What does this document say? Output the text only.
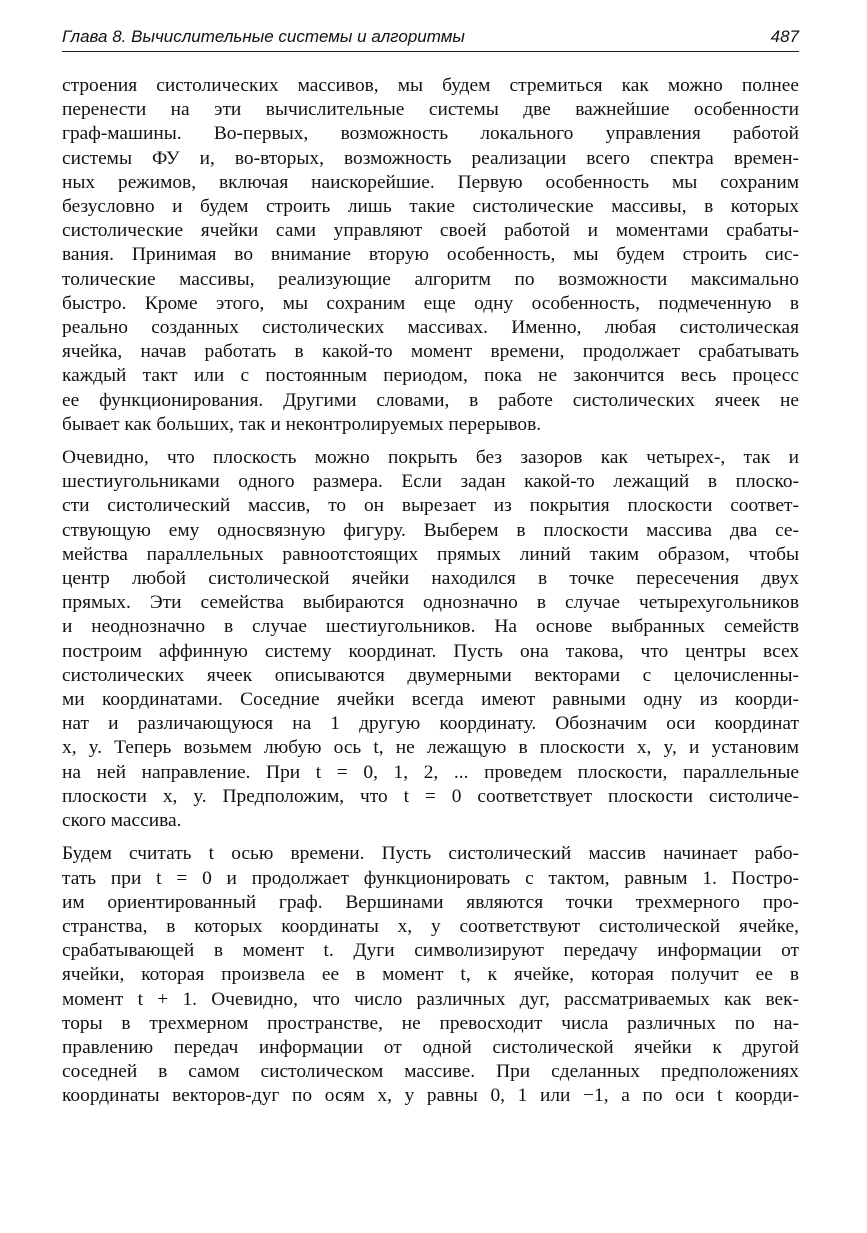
Глава 8. Вычислительные системы и алгоритмы	487

строения систолических массивов, мы будем стремиться как можно полнее
перенести на эти вычислительные системы две важнейшие особенности
граф-машины. Во-первых, возможность локального управления работой
системы ФУ и, во-вторых, возможность реализации всего спектра времен-
ных режимов, включая наискорейшие. Первую особенность мы сохраним
безусловно и будем строить лишь такие систолические массивы, в которых
систолические ячейки сами управляют своей работой и моментами срабаты-
вания. Принимая во внимание вторую особенность, мы будем строить сис-
толические массивы, реализующие алгоритм по возможности максимально
быстро. Кроме этого, мы сохраним еще одну особенность, подмеченную в
реально созданных систолических массивах. Именно, любая систолическая
ячейка, начав работать в какой-то момент времени, продолжает срабатывать
каждый такт или с постоянным периодом, пока не закончится весь процесс
ее функционирования. Другими словами, в работе систолических ячеек не
бывает как больших, так и неконтролируемых перерывов.

Очевидно, что плоскость можно покрыть без зазоров как четырех-, так и
шестиугольниками одного размера. Если задан какой-то лежащий в плоско-
сти систолический массив, то он вырезает из покрытия плоскости соответ-
ствующую ему односвязную фигуру. Выберем в плоскости массива два се-
мейства параллельных равноотстоящих прямых линий таким образом, чтобы
центр любой систолической ячейки находился в точке пересечения двух
прямых. Эти семейства выбираются однозначно в случае четырехугольников
и неоднозначно в случае шестиугольников. На основе выбранных семейств
построим аффинную систему координат. Пусть она такова, что центры всех
систолических ячеек описываются двумерными векторами с целочисленны-
ми координатами. Соседние ячейки всегда имеют равными одну из коорди-
нат и различающуюся на 1 другую координату. Обозначим оси координат
x, y. Теперь возьмем любую ось t, не лежащую в плоскости x, y, и установим
на ней направление. При t = 0, 1, 2, ... проведем плоскости, параллельные
плоскости x, y. Предположим, что t = 0 соответствует плоскости систоличе-
ского массива.

Будем считать t осью времени. Пусть систолический массив начинает рабо-
тать при t = 0 и продолжает функционировать с тактом, равным 1. Постро-
им ориентированный граф. Вершинами являются точки трехмерного про-
странства, в которых координаты x, y соответствуют систолической ячейке,
срабатывающей в момент t. Дуги символизируют передачу информации от
ячейки, которая произвела ее в момент t, к ячейке, которая получит ее в
момент t + 1. Очевидно, что число различных дуг, рассматриваемых как век-
торы в трехмерном пространстве, не превосходит числа различных по на-
правлению передач информации от одной систолической ячейки к другой
соседней в самом систолическом массиве. При сделанных предположениях
координаты векторов-дуг по осям x, y равны 0, 1 или −1, а по оси t коорди-
